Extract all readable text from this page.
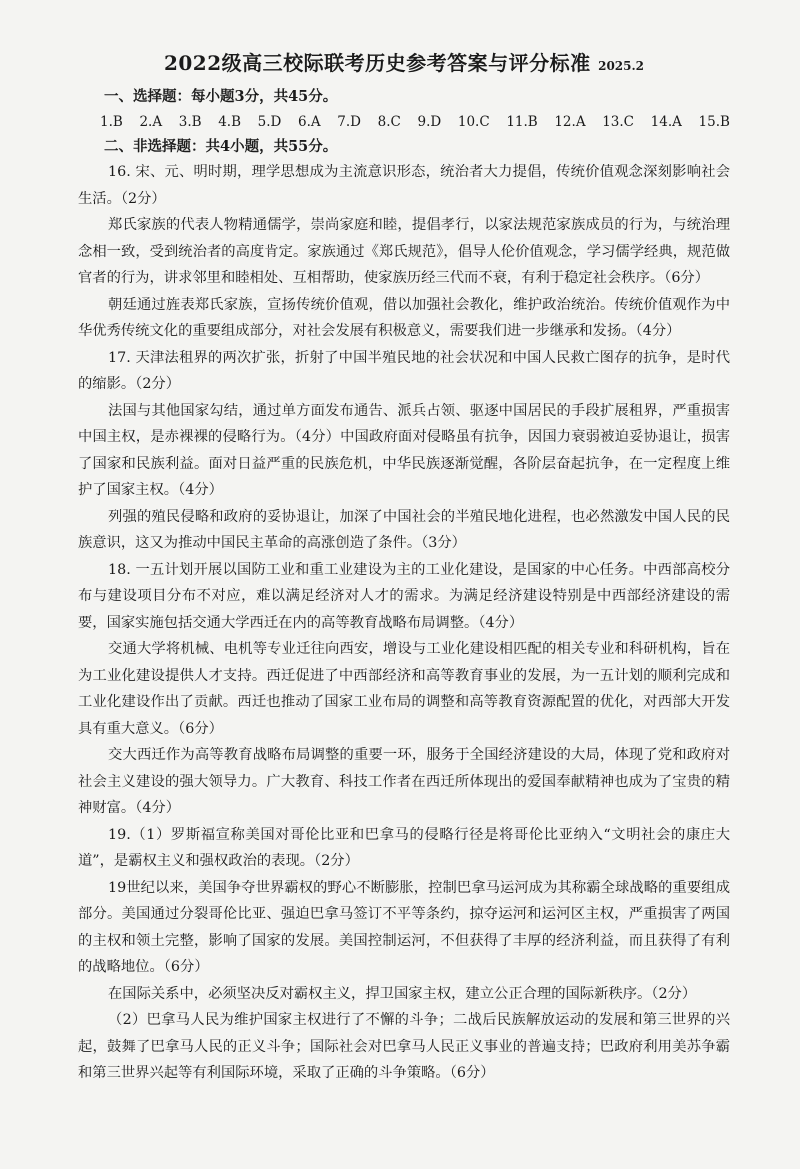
2022级高三校际联考历史参考答案与评分标准 2025.2
一、选择题：每小题3分，共45分。
1.B 2.A 3.B 4.B 5.D 6.A 7.D 8.C 9.D 10.C 11.B 12.A 13.C 14.A 15.B
二、非选择题：共4小题，共55分。

16. 宋、元、明时期，理学思想成为主流意识形态，统治者大力提倡，传统价值观念深刻影响社会生活。（2分）

郑氏家族的代表人物精通儒学，崇尚家庭和睦，提倡孝行，以家法规范家族成员的行为，与统治理念相一致，受到统治者的高度肯定。家族通过《郑氏规范》，倡导人伦价值观念，学习儒学经典，规范做官者的行为，讲求邻里和睦相处、互相帮助，使家族历经三代而不衰，有利于稳定社会秩序。（6分）

朝廷通过旌表郑氏家族，宣扬传统价值观，借以加强社会教化，维护政治统治。传统价值观作为中华优秀传统文化的重要组成部分，对社会发展有积极意义，需要我们进一步继承和发扬。（4分）

17. 天津法租界的两次扩张，折射了中国半殖民地的社会状况和中国人民救亡图存的抗争，是时代的缩影。（2分）

法国与其他国家勾结，通过单方面发布通告、派兵占领、驱逐中国居民的手段扩展租界，严重损害中国主权，是赤裸裸的侵略行为。（4分）中国政府面对侵略虽有抗争，因国力衰弱被迫妥协退让，损害了国家和民族利益。面对日益严重的民族危机，中华民族逐渐觉醒，各阶层奋起抗争，在一定程度上维护了国家主权。（4分）

列强的殖民侵略和政府的妥协退让，加深了中国社会的半殖民地化进程，也必然激发中国人民的民族意识，这又为推动中国民主革命的高涨创造了条件。（3分）

18. 一五计划开展以国防工业和重工业建设为主的工业化建设，是国家的中心任务。中西部高校分布与建设项目分布不对应，难以满足经济对人才的需求。为满足经济建设特别是中西部经济建设的需要，国家实施包括交通大学西迁在内的高等教育战略布局调整。（4分）

交通大学将机械、电机等专业迁往向西安，增设与工业化建设相匹配的相关专业和科研机构，旨在为工业化建设提供人才支持。西迁促进了中西部经济和高等教育事业的发展，为一五计划的顺利完成和工业化建设作出了贡献。西迁也推动了国家工业布局的调整和高等教育资源配置的优化，对西部大开发具有重大意义。（6分）

交大西迁作为高等教育战略布局调整的重要一环，服务于全国经济建设的大局，体现了党和政府对社会主义建设的强大领导力。广大教育、科技工作者在西迁所体现出的爱国奉献精神也成为了宝贵的精神财富。（4分）

19.（1）罗斯福宣称美国对哥伦比亚和巴拿马的侵略行径是将哥伦比亚纳入“文明社会的康庄大道”，是霸权主义和强权政治的表现。（2分）

19世纪以来，美国争夺世界霸权的野心不断膨胀，控制巴拿马运河成为其称霸全球战略的重要组成部分。美国通过分裂哥伦比亚、强迫巴拿马签订不平等条约，掠夺运河和运河区主权，严重损害了两国的主权和领土完整，影响了国家的发展。美国控制运河，不但获得了丰厚的经济利益，而且获得了有利的战略地位。（6分）

在国际关系中，必须坚决反对霸权主义，捍卫国家主权，建立公正合理的国际新秩序。（2分）

（2）巴拿马人民为维护国家主权进行了不懈的斗争；二战后民族解放运动的发展和第三世界的兴起，鼓舞了巴拿马人民的正义斗争；国际社会对巴拿马人民正义事业的普遍支持；巴政府利用美苏争霸和第三世界兴起等有利国际环境，采取了正确的斗争策略。（6分）
